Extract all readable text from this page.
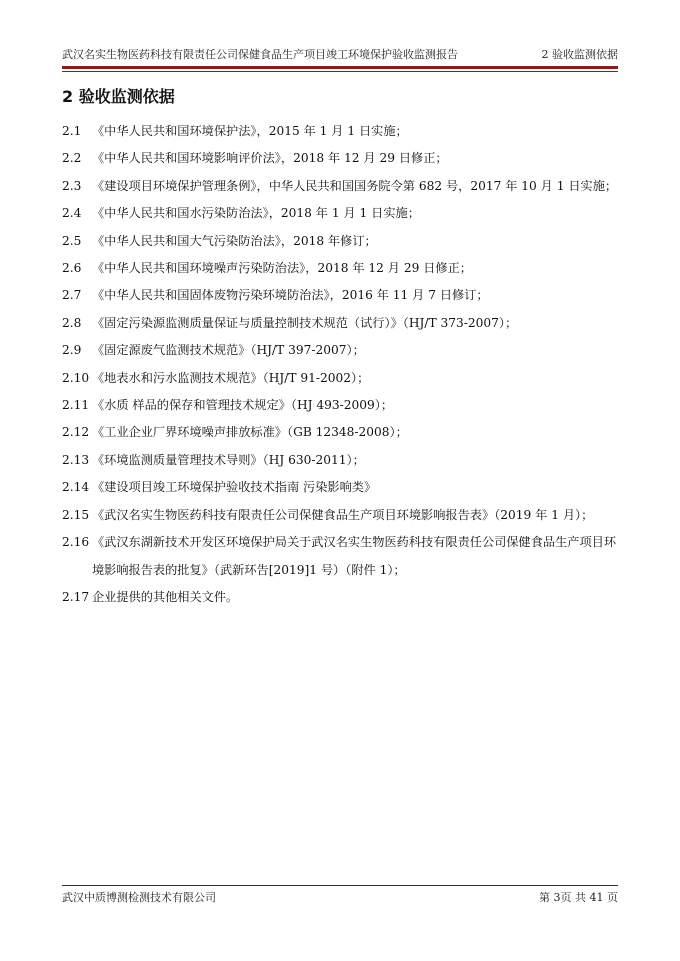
武汉名实生物医药科技有限责任公司保健食品生产项目竣工环境保护验收监测报告	2 验收监测依据
2 验收监测依据
2.1 《中华人民共和国环境保护法》，2015 年 1 月 1 日实施；
2.2 《中华人民共和国环境影响评价法》，2018 年 12 月 29 日修正；
2.3 《建设项目环境保护管理条例》，中华人民共和国国务院令第 682 号，2017 年 10 月 1 日实施；
2.4 《中华人民共和国水污染防治法》，2018 年 1 月 1 日实施；
2.5 《中华人民共和国大气污染防治法》，2018 年修订；
2.6 《中华人民共和国环境噪声污染防治法》，2018 年 12 月 29 日修正；
2.7 《中华人民共和国固体废物污染环境防治法》，2016 年 11 月 7 日修订；
2.8 《固定污染源监测质量保证与质量控制技术规范（试行）》（HJ/T 373-2007）；
2.9 《固定源废气监测技术规范》（HJ/T 397-2007）；
2.10 《地表水和污水监测技术规范》（HJ/T 91-2002）；
2.11 《水质 样品的保存和管理技术规定》（HJ 493-2009）；
2.12 《工业企业厂界环境噪声排放标准》（GB 12348-2008）；
2.13 《环境监测质量管理技术导则》（HJ 630-2011）；
2.14 《建设项目竣工环境保护验收技术指南 污染影响类》
2.15 《武汉名实生物医药科技有限责任公司保健食品生产项目环境影响报告表》（2019 年 1 月）；
2.16 《武汉东湖新技术开发区环境保护局关于武汉名实生物医药科技有限责任公司保健食品生产项目环境影响报告表的批复》（武新环告[2019]1 号）（附件 1）；
2.17 企业提供的其他相关文件。
武汉中质博测检测技术有限公司	第 3页 共 41 页
